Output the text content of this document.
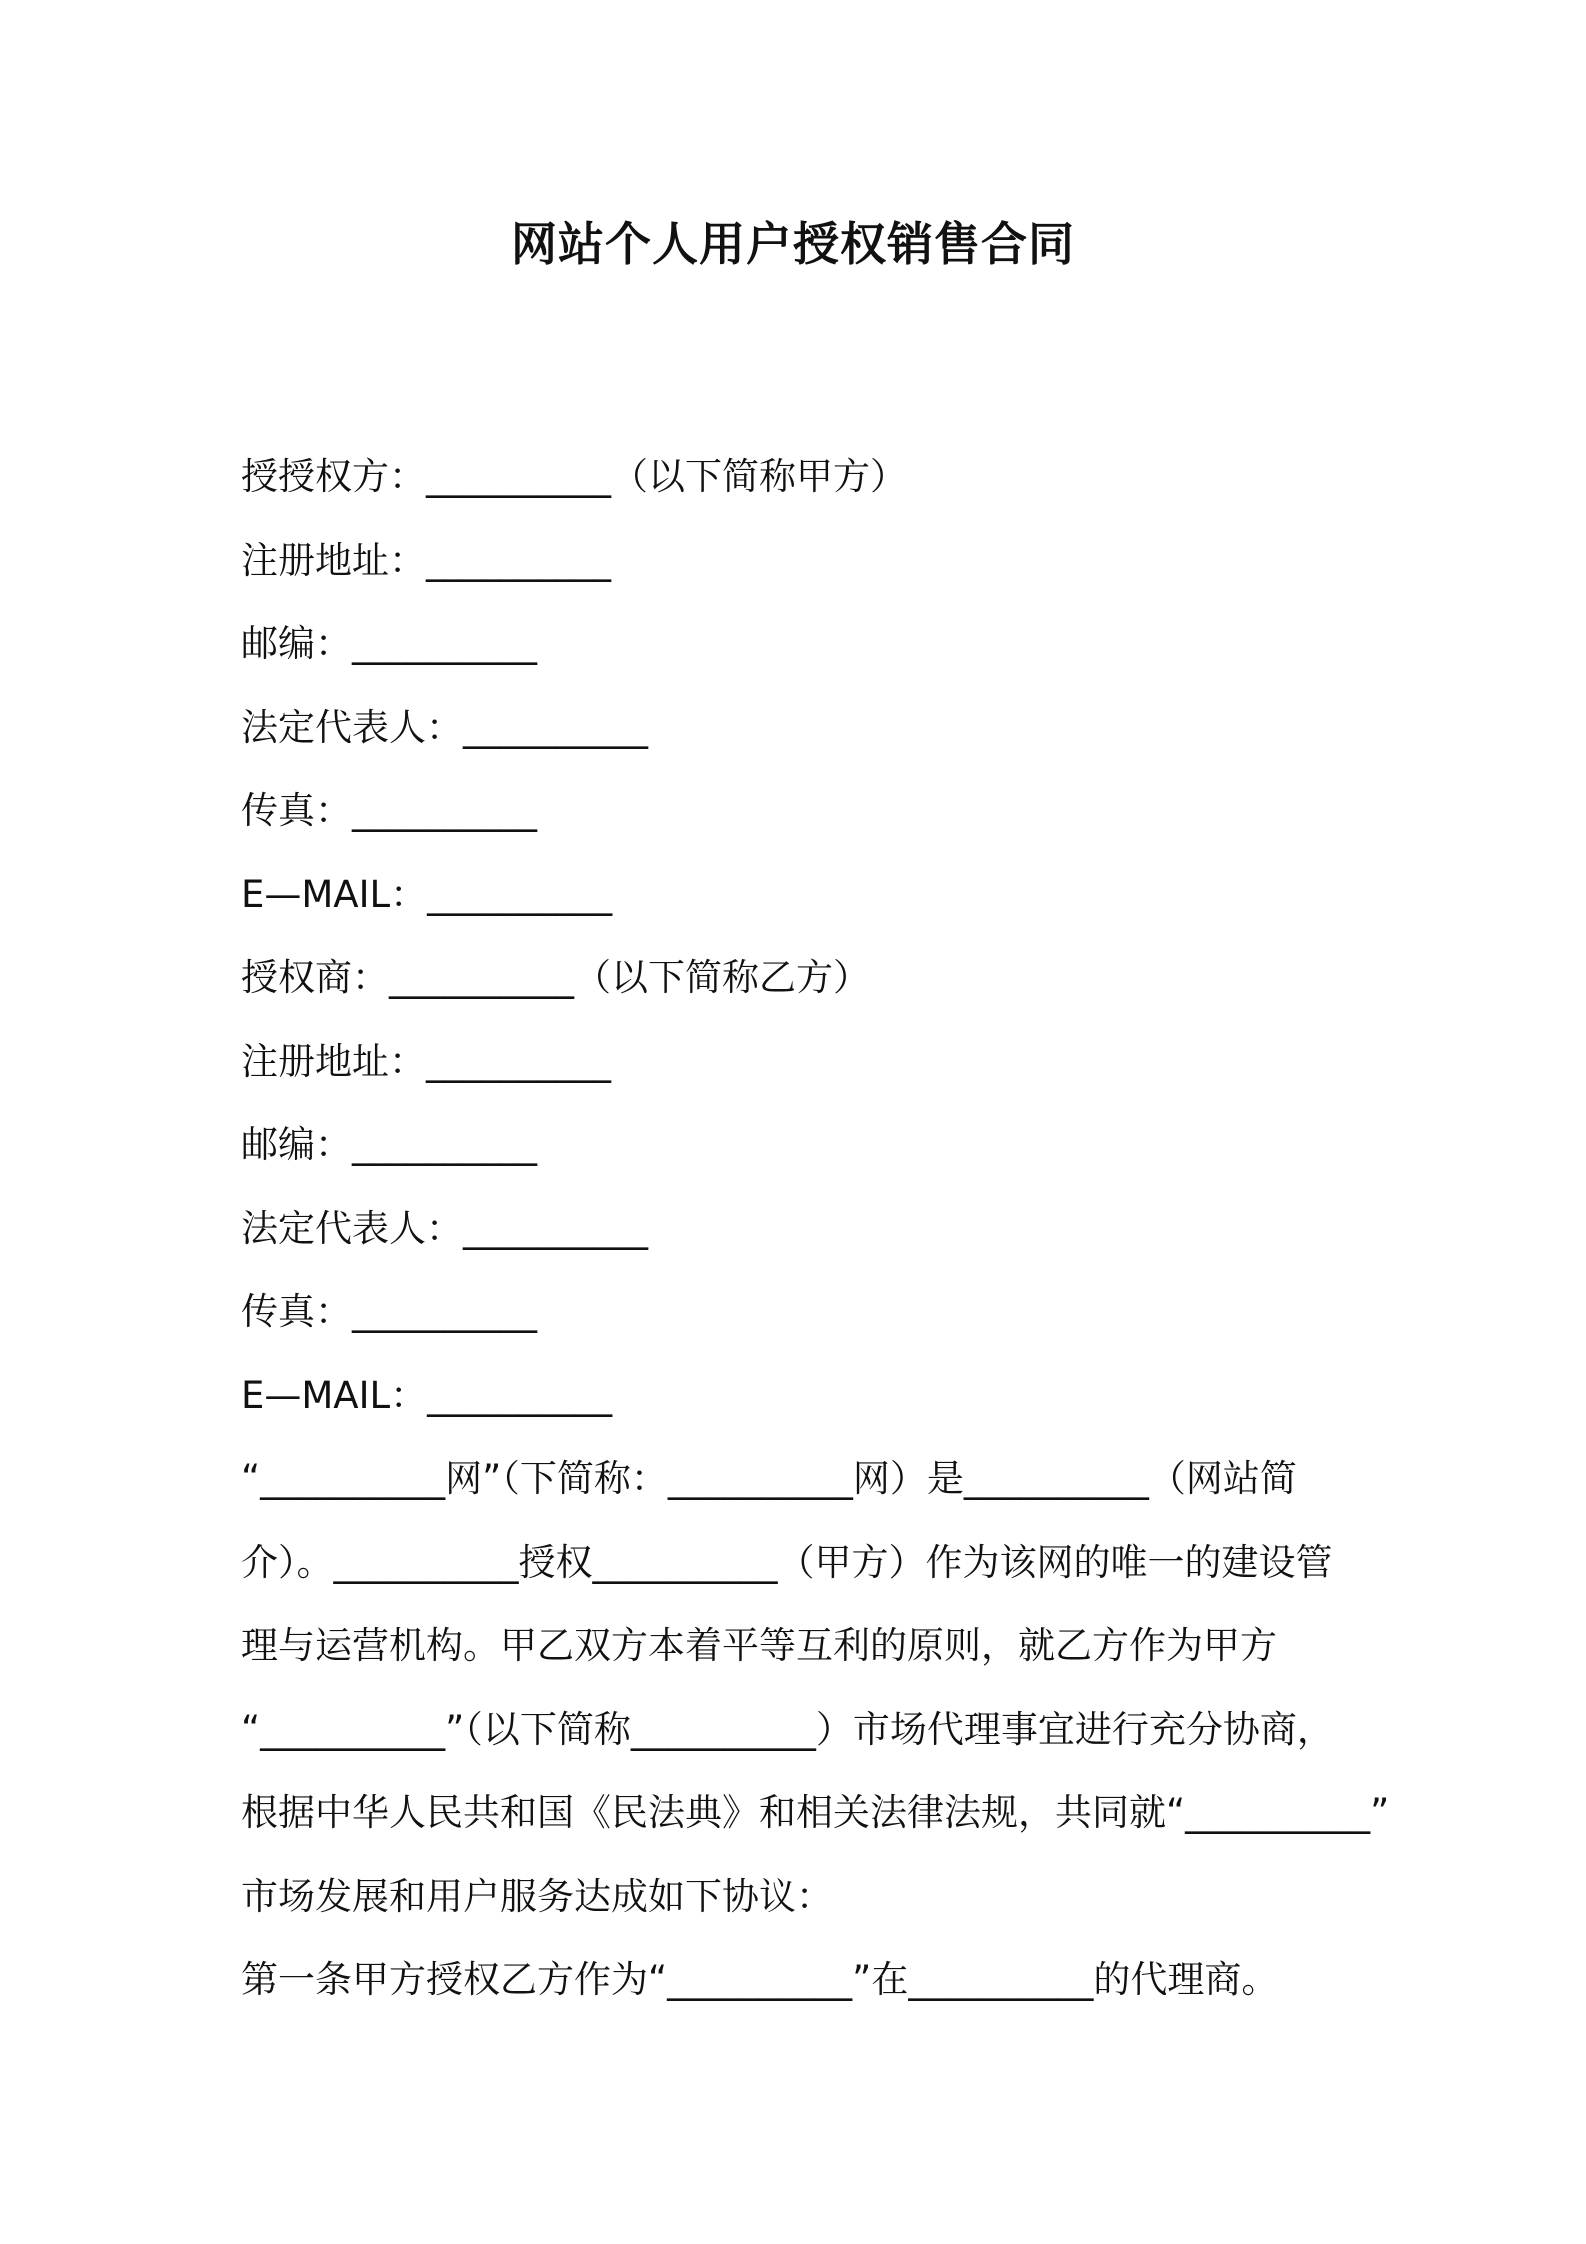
网站个人用户授权销售合同
授授权方：__________（以下简称甲方）
注册地址：__________
邮编：__________
法定代表人：__________
传真：__________
E—MAIL：__________
授权商：__________（以下简称乙方）
注册地址：__________
邮编：__________
法定代表人：__________
传真：__________
E—MAIL：__________
“__________网”（下简称：__________网）是__________（网站简
介）。__________授权__________（甲方）作为该网的唯一的建设管
理与运营机构。甲乙双方本着平等互利的原则，就乙方作为甲方
“__________”（以下简称__________）市场代理事宜进行充分协商，
根据中华人民共和国《民法典》和相关法律法规，共同就“__________”
市场发展和用户服务达成如下协议：
第一条甲方授权乙方作为“__________”在__________的代理商。
